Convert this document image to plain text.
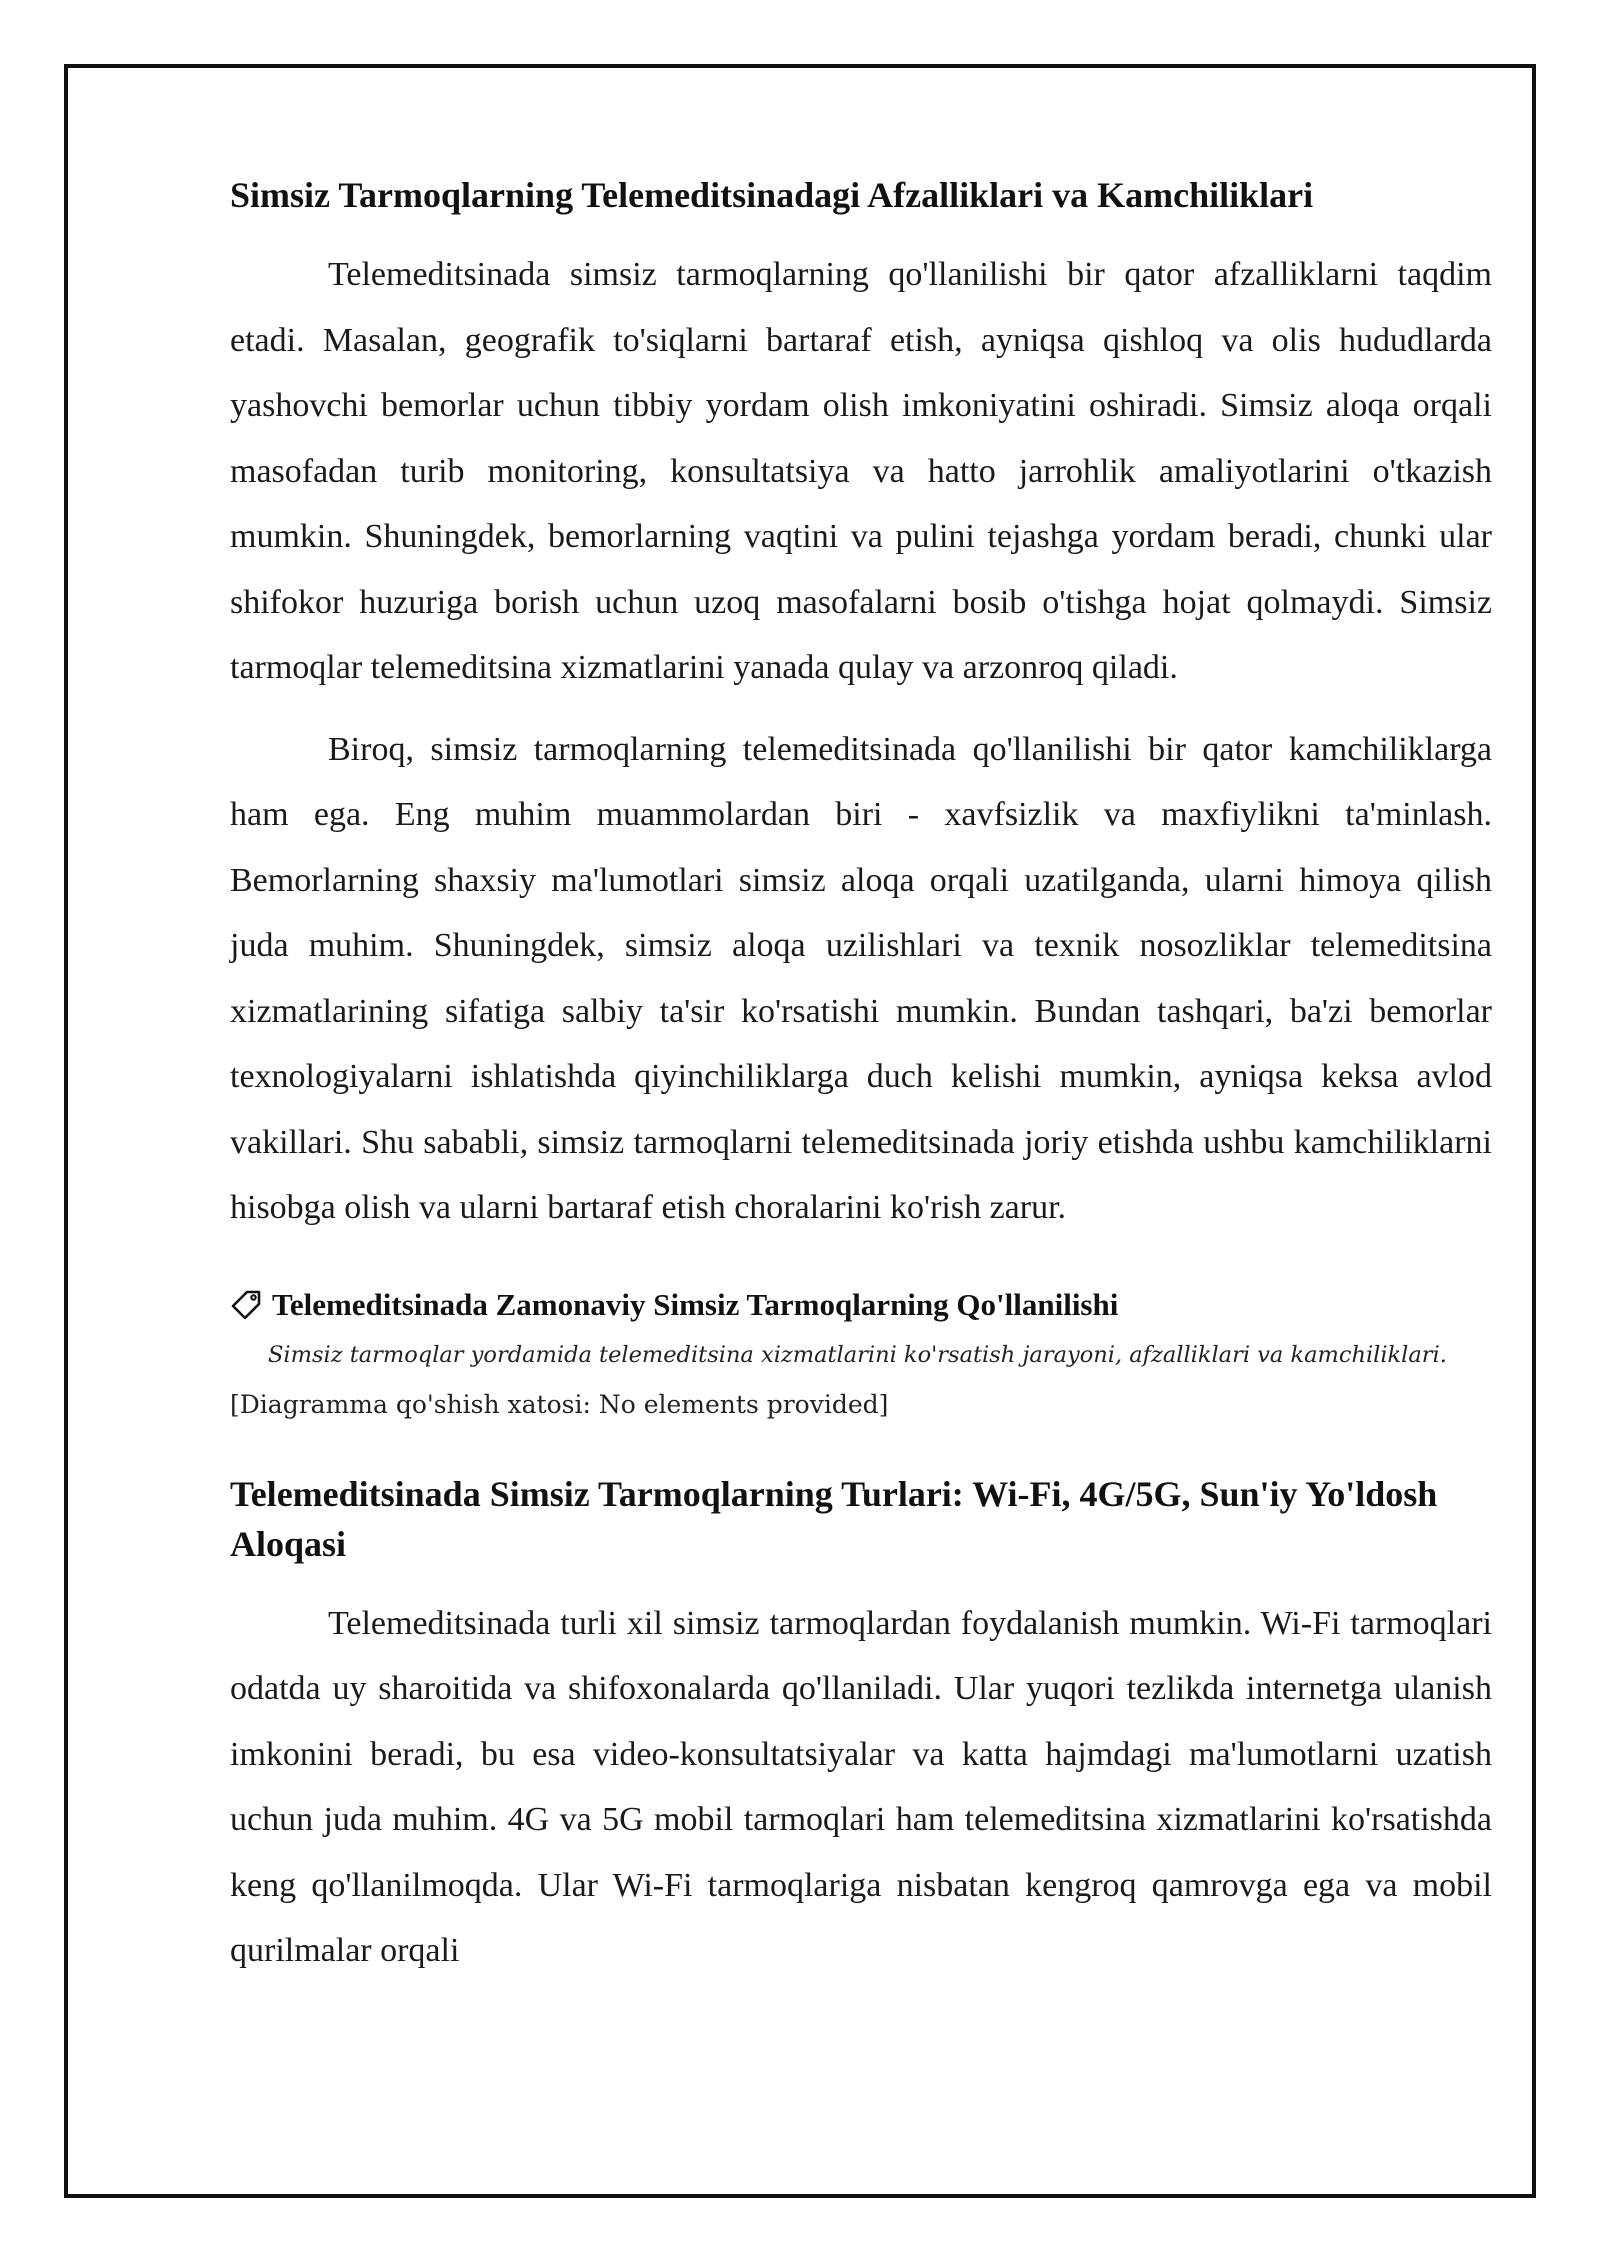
Simsiz Tarmoqlarning Telemeditsinadagi Afzalliklari va Kamchiliklari

Telemeditsinada simsiz tarmoqlarning qo'llanilishi bir qator afzalliklarni taqdim etadi. Masalan, geografik to'siqlarni bartaraf etish, ayniqsa qishloq va olis hududlarda yashovchi bemorlar uchun tibbiy yordam olish imkoniyatini oshiradi. Simsiz aloqa orqali masofadan turib monitoring, konsultatsiya va hatto jarrohlik amaliyotlarini o'tkazish mumkin. Shuningdek, bemorlarning vaqtini va pulini tejashga yordam beradi, chunki ular shifokor huzuriga borish uchun uzoq masofalarni bosib o'tishga hojat qolmaydi. Simsiz tarmoqlar telemeditsina xizmatlarini yanada qulay va arzonroq qiladi.

Biroq, simsiz tarmoqlarning telemeditsinada qo'llanilishi bir qator kamchiliklarga ham ega. Eng muhim muammolardan biri - xavfsizlik va maxfiylikni ta'minlash. Bemorlarning shaxsiy ma'lumotlari simsiz aloqa orqali uzatilganda, ularni himoya qilish juda muhim. Shuningdek, simsiz aloqa uzilishlari va texnik nosozliklar telemeditsina xizmatlarining sifatiga salbiy ta'sir ko'rsatishi mumkin. Bundan tashqari, ba'zi bemorlar texnologiyalarni ishlatishda qiyinchiliklarga duch kelishi mumkin, ayniqsa keksa avlod vakillari. Shu sababli, simsiz tarmoqlarni telemeditsinada joriy etishda ushbu kamchiliklarni hisobga olish va ularni bartaraf etish choralarini ko'rish zarur.

Telemeditsinada Zamonaviy Simsiz Tarmoqlarning Qo'llanilishi
Simsiz tarmoqlar yordamida telemeditsina xizmatlarini ko'rsatish jarayoni, afzalliklari va kamchiliklari.
[Diagramma qo'shish xatosi: No elements provided]
Telemeditsinada Simsiz Tarmoqlarning Turlari: Wi-Fi, 4G/5G, Sun'iy Yo'ldosh Aloqasi

Telemeditsinada turli xil simsiz tarmoqlardan foydalanish mumkin. Wi-Fi tarmoqlari odatda uy sharoitida va shifoxonalarda qo'llaniladi. Ular yuqori tezlikda internetga ulanish imkonini beradi, bu esa video-konsultatsiyalar va katta hajmdagi ma'lumotlarni uzatish uchun juda muhim. 4G va 5G mobil tarmoqlari ham telemeditsina xizmatlarini ko'rsatishda keng qo'llanilmoqda. Ular Wi-Fi tarmoqlariga nisbatan kengroq qamrovga ega va mobil qurilmalar orqali
